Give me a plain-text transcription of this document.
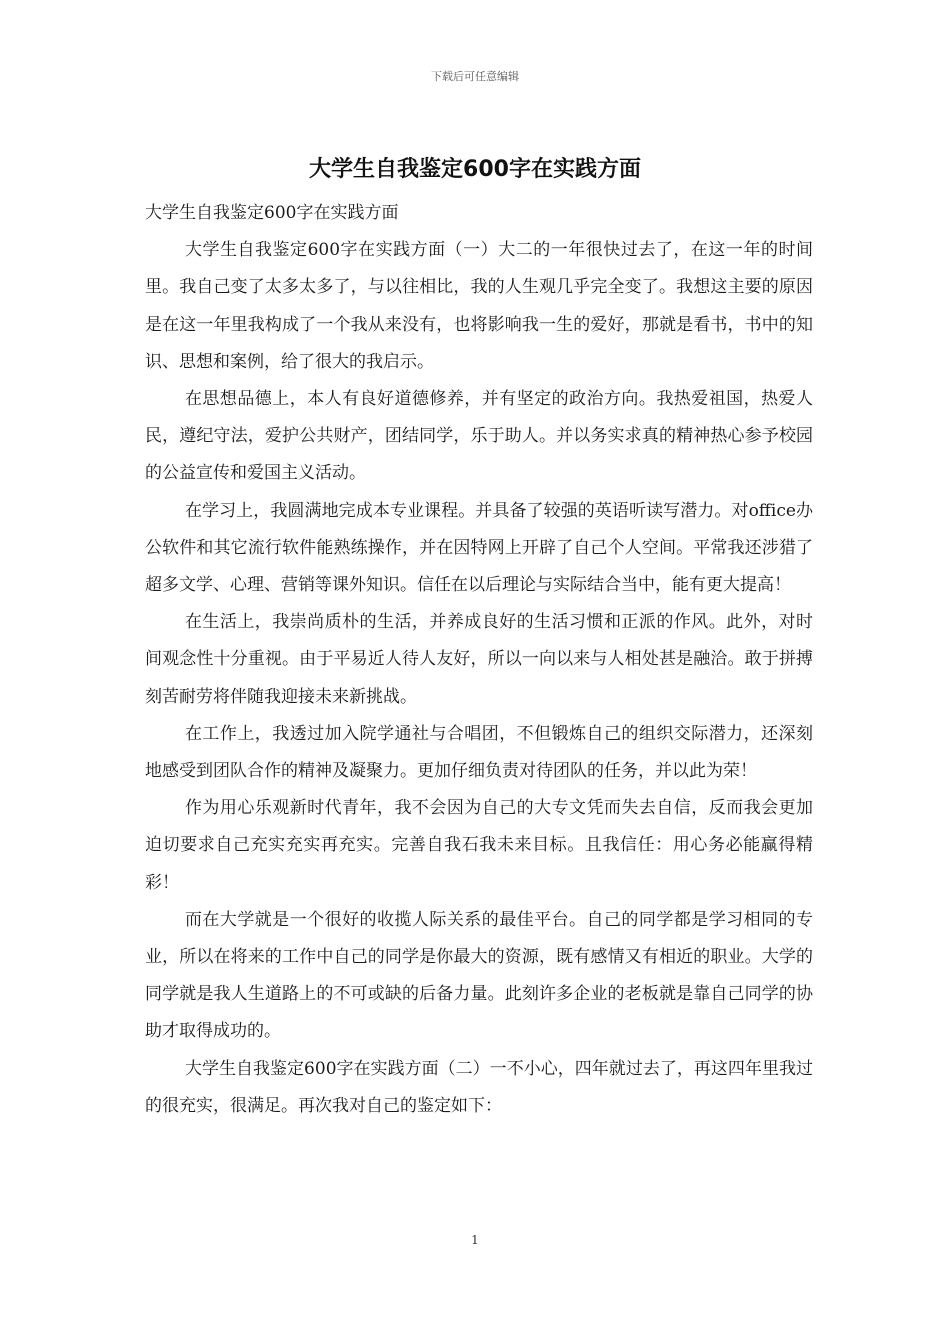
下载后可任意编辑
大学生自我鉴定600字在实践方面

大学生自我鉴定600字在实践方面

大学生自我鉴定600字在实践方面（一）大二的一年很快过去了，在这一年的时间里。我自己变了太多太多了，与以往相比，我的人生观几乎完全变了。我想这主要的原因是在这一年里我构成了一个我从来没有，也将影响我一生的爱好，那就是看书，书中的知识、思想和案例，给了很大的我启示。

在思想品德上，本人有良好道德修养，并有坚定的政治方向。我热爱祖国，热爱人民，遵纪守法，爱护公共财产，团结同学，乐于助人。并以务实求真的精神热心参予校园的公益宣传和爱国主义活动。

在学习上，我圆满地完成本专业课程。并具备了较强的英语听读写潜力。对office办公软件和其它流行软件能熟练操作，并在因特网上开辟了自己个人空间。平常我还涉猎了超多文学、心理、营销等课外知识。信任在以后理论与实际结合当中，能有更大提高！

在生活上，我崇尚质朴的生活，并养成良好的生活习惯和正派的作风。此外，对时间观念性十分重视。由于平易近人待人友好，所以一向以来与人相处甚是融洽。敢于拼搏刻苦耐劳将伴随我迎接未来新挑战。

在工作上，我透过加入院学通社与合唱团，不但锻炼自己的组织交际潜力，还深刻地感受到团队合作的精神及凝聚力。更加仔细负责对待团队的任务，并以此为荣！

作为用心乐观新时代青年，我不会因为自己的大专文凭而失去自信，反而我会更加迫切要求自己充实充实再充实。完善自我石我未来目标。且我信任：用心务必能赢得精彩！

而在大学就是一个很好的收揽人际关系的最佳平台。自己的同学都是学习相同的专业，所以在将来的工作中自己的同学是你最大的资源，既有感情又有相近的职业。大学的同学就是我人生道路上的不可或缺的后备力量。此刻许多企业的老板就是靠自己同学的协助才取得成功的。

大学生自我鉴定600字在实践方面（二）一不小心，四年就过去了，再这四年里我过的很充实，很满足。再次我对自己的鉴定如下：

1
